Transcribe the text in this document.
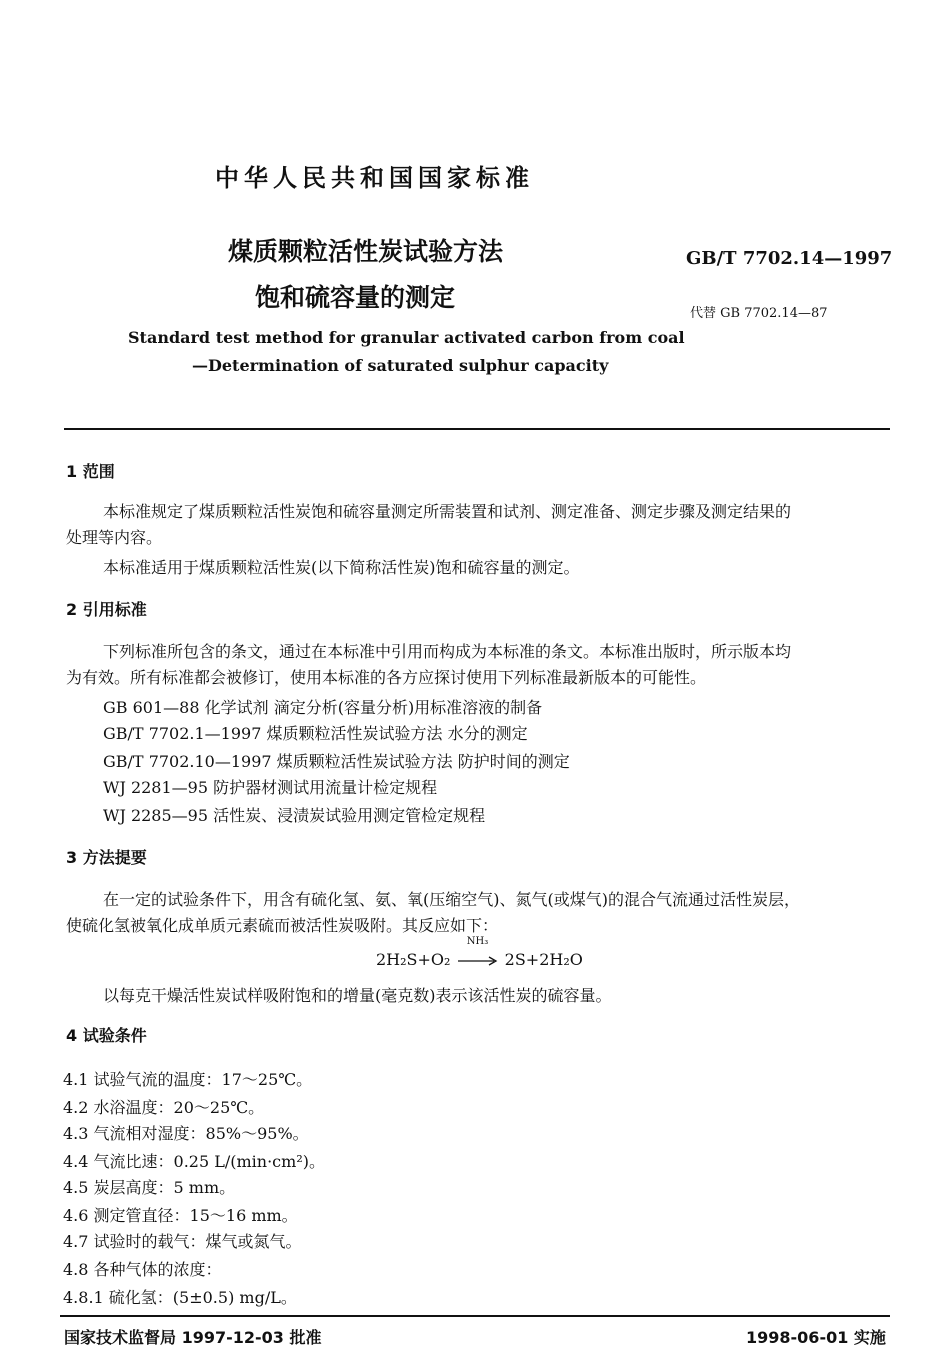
中华人民共和国国家标准
煤质颗粒活性炭试验方法
饱和硫容量的测定
GB/T 7702.14—1997
代替 GB 7702.14—87
Standard test method for granular activated carbon from coal
—Determination of saturated sulphur capacity
1 范围
本标准规定了煤质颗粒活性炭饱和硫容量测定所需装置和试剂、测定准备、测定步骤及测定结果的
处理等内容。
本标准适用于煤质颗粒活性炭(以下简称活性炭)饱和硫容量的测定。
2 引用标准
下列标准所包含的条文，通过在本标准中引用而构成为本标准的条文。本标准出版时，所示版本均
为有效。所有标准都会被修订，使用本标准的各方应探讨使用下列标准最新版本的可能性。
GB 601—88 化学试剂 滴定分析(容量分析)用标准溶液的制备
GB/T 7702.1—1997 煤质颗粒活性炭试验方法 水分的测定
GB/T 7702.10—1997 煤质颗粒活性炭试验方法 防护时间的测定
WJ 2281—95 防护器材测试用流量计检定规程
WJ 2285—95 活性炭、浸渍炭试验用测定管检定规程
3 方法提要
在一定的试验条件下，用含有硫化氢、氨、氧(压缩空气)、氮气(或煤气)的混合气流通过活性炭层，
使硫化氢被氧化成单质元素硫而被活性炭吸附。其反应如下：
2H₂S+O₂
NH₃
2S+2H₂O
以每克干燥活性炭试样吸附饱和的增量(毫克数)表示该活性炭的硫容量。
4 试验条件
4.1 试验气流的温度：17～25℃。
4.2 水浴温度：20～25℃。
4.3 气流相对湿度：85%～95%。
4.4 气流比速：0.25 L/(min·cm²)。
4.5 炭层高度：5 mm。
4.6 测定管直径：15～16 mm。
4.7 试验时的载气：煤气或氮气。
4.8 各种气体的浓度：
4.8.1 硫化氢：(5±0.5) mg/L。
国家技术监督局 1997-12-03 批准	1998-06-01 实施
